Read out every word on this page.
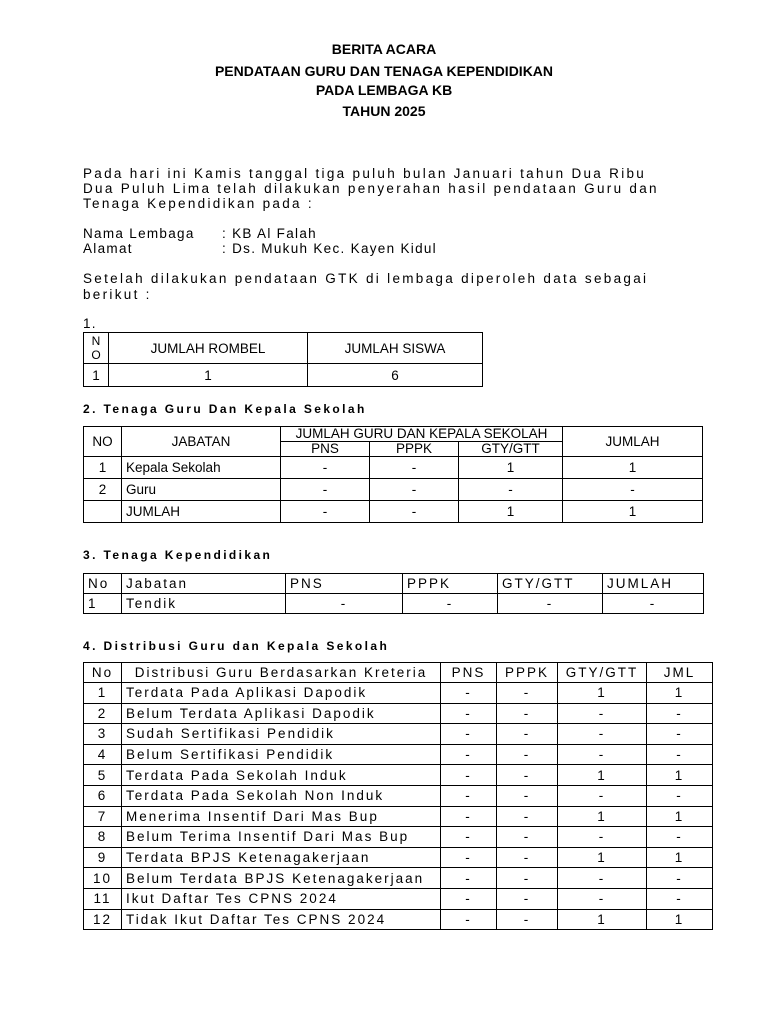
BERITA ACARA
PENDATAAN GURU DAN TENAGA KEPENDIDIKAN
PADA LEMBAGA KB
TAHUN 2025
Pada hari ini Kamis tanggal tiga puluh bulan Januari tahun Dua Ribu
Dua Puluh Lima telah dilakukan penyerahan hasil pendataan Guru dan
Tenaga Kependidikan pada :
Nama Lembaga : KB Al Falah
Alamat	: Ds. Mukuh Kec. Kayen Kidul
Setelah dilakukan pendataan GTK di lembaga diperoleh data sebagai
berikut :
1.
N
O	JUMLAH ROMBEL	JUMLAH SISWA
1	1	6
2. Tenaga Guru Dan Kepala Sekolah
NO	JABATAN	JUMLAH GURU DAN KEPALA SEKOLAH			JUMLAH
		PNS	PPPK	GTY/GTT	
1	Kepala Sekolah	-	-	1	1
2	Guru	-	-	-	-
	JUMLAH	-	-	1	1
3. Tenaga Kependidikan
No	Jabatan	PNS	PPPK	GTY/GTT	JUMLAH
1	Tendik	-	-	-	-
4. Distribusi Guru dan Kepala Sekolah
No	Distribusi Guru Berdasarkan Kreteria	PNS	PPPK	GTY/GTT	JML
1	Terdata Pada Aplikasi Dapodik	-	-	1	1
2	Belum Terdata Aplikasi Dapodik	-	-	-	-
3	Sudah Sertifikasi Pendidik	-	-	-	-
4	Belum Sertifikasi Pendidik	-	-	-	-
5	Terdata Pada Sekolah Induk	-	-	1	1
6	Terdata Pada Sekolah Non Induk	-	-	-	-
7	Menerima Insentif Dari Mas Bup	-	-	1	1
8	Belum Terima Insentif Dari Mas Bup	-	-	-	-
9	Terdata BPJS Ketenagakerjaan	-	-	1	1
10	Belum Terdata BPJS Ketenagakerjaan	-	-	-	-
11	Ikut Daftar Tes CPNS 2024	-	-	-	-
12	Tidak Ikut Daftar Tes CPNS 2024	-	-	1	1
